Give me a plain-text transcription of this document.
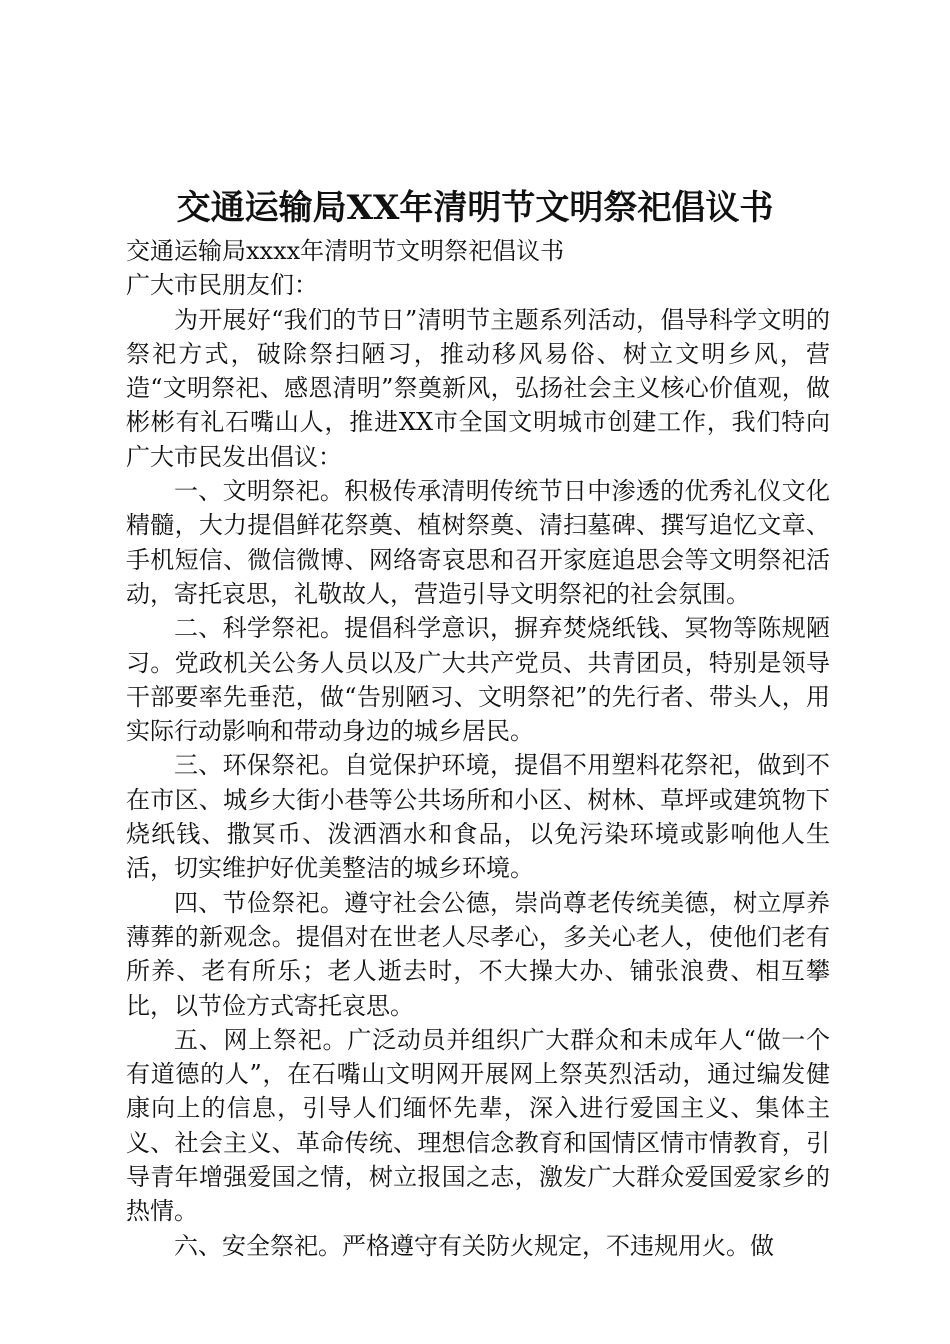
交通运输局XX年清明节文明祭祀倡议书

交通运输局xxxx年清明节文明祭祀倡议书

广大市民朋友们：

为开展好“我们的节日”清明节主题系列活动，倡导科学文明的祭祀方式，破除祭扫陋习，推动移风易俗、树立文明乡风，营造“文明祭祀、感恩清明”祭奠新风，弘扬社会主义核心价值观，做彬彬有礼石嘴山人，推进XX市全国文明城市创建工作，我们特向广大市民发出倡议：

一、文明祭祀。积极传承清明传统节日中渗透的优秀礼仪文化精髓，大力提倡鲜花祭奠、植树祭奠、清扫墓碑、撰写追忆文章、手机短信、微信微博、网络寄哀思和召开家庭追思会等文明祭祀活动，寄托哀思，礼敬故人，营造引导文明祭祀的社会氛围。

二、科学祭祀。提倡科学意识，摒弃焚烧纸钱、冥物等陈规陋习。党政机关公务人员以及广大共产党员、共青团员，特别是领导干部要率先垂范，做“告别陋习、文明祭祀”的先行者、带头人，用实际行动影响和带动身边的城乡居民。

三、环保祭祀。自觉保护环境，提倡不用塑料花祭祀，做到不在市区、城乡大街小巷等公共场所和小区、树林、草坪或建筑物下烧纸钱、撒冥币、泼洒酒水和食品，以免污染环境或影响他人生活，切实维护好优美整洁的城乡环境。

四、节俭祭祀。遵守社会公德，崇尚尊老传统美德，树立厚养薄葬的新观念。提倡对在世老人尽孝心，多关心老人，使他们老有所养、老有所乐；老人逝去时，不大操大办、铺张浪费、相互攀比，以节俭方式寄托哀思。

五、网上祭祀。广泛动员并组织广大群众和未成年人“做一个有道德的人”，在石嘴山文明网开展网上祭英烈活动，通过编发健康向上的信息，引导人们缅怀先辈，深入进行爱国主义、集体主义、社会主义、革命传统、理想信念教育和国情区情市情教育，引导青年增强爱国之情，树立报国之志，激发广大群众爱国爱家乡的热情。

六、安全祭祀。严格遵守有关防火规定，不违规用火。做
